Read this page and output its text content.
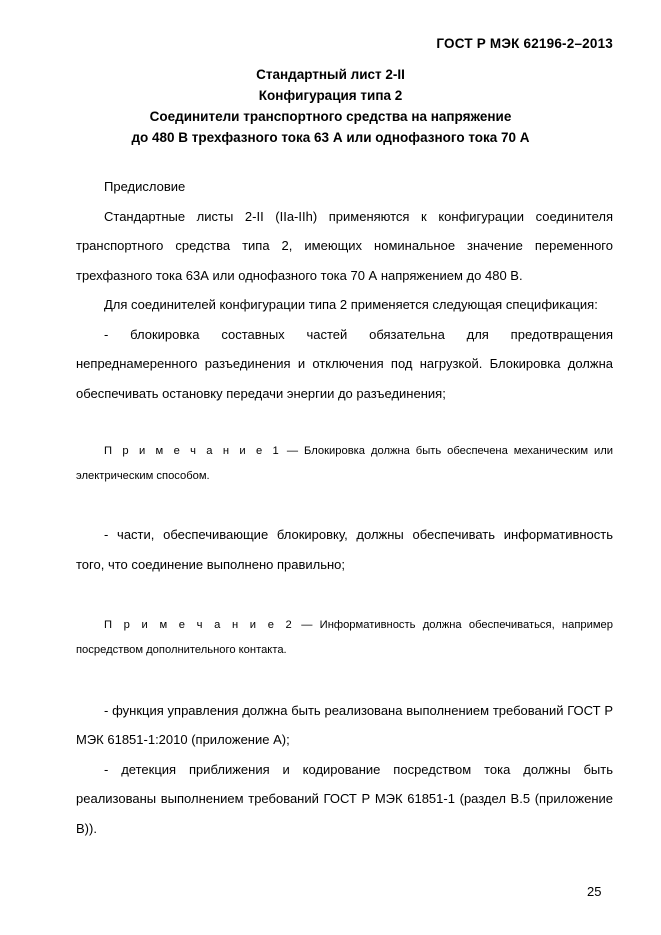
ГОСТ Р МЭК 62196-2–2013
Стандартный лист 2-II
Конфигурация типа 2
Соединители транспортного средства на напряжение
до 480 В трехфазного тока 63 А или однофазного тока 70 А

Предисловие

Стандартные листы 2-II (IIa-IIh) применяются к конфигурации соединителя транспортного средства типа 2, имеющих номинальное значение переменного трехфазного тока 63А или однофазного тока 70 А напряжением до 480 В.

Для соединителей конфигурации типа 2 применяется следующая спецификация:

- блокировка составных частей обязательна для предотвращения непреднамеренного разъединения и отключения под нагрузкой. Блокировка должна обеспечивать остановку передачи энергии до разъединения;

П р и м е ч а н и е 1 — Блокировка должна быть обеспечена механическим или электрическим способом.

- части, обеспечивающие блокировку, должны обеспечивать информативность того, что соединение выполнено правильно;

П р и м е ч а н и е 2 — Информативность должна обеспечиваться, например посредством дополнительного контакта.

- функция управления должна быть реализована выполнением требований ГОСТ Р МЭК 61851-1:2010 (приложение А);

- детекция приближения и кодирование посредством тока должны быть реализованы выполнением требований ГОСТ Р МЭК 61851-1 (раздел В.5 (приложение В)).

25
